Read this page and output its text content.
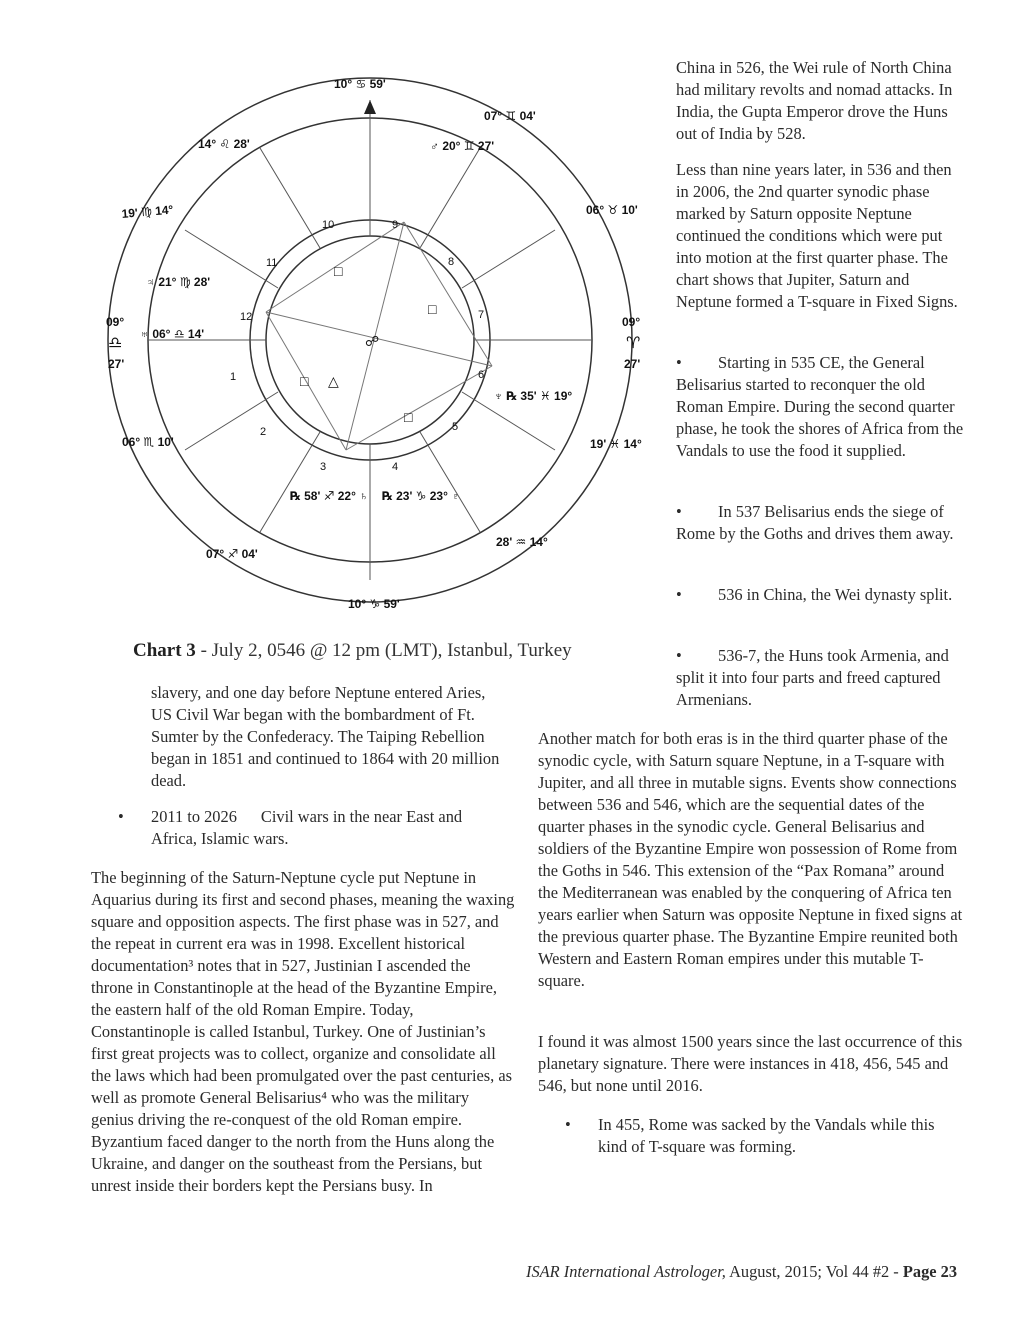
1
2
3	4
5
6
7
8
9
10
11
12
☍
△
□
□
□
□
10° ♋ 59'
10° ♑ 59'
09°
♎
27'
09°
♈
27'
14° ♌ 28'
19' ♍ 14°
06° ♏ 10'
07° ♐ 04'
07° ♊ 04'
06° ♉ 10'
19' ♓ 14°
28' ♒ 14°
♂ 20° ♊ 27'
♃ 21° ♍ 28'
♅ 06° ♎ 14'
♆ ℞ 35' ♓ 19°
℞ 58' ♐ 22° ♄ ℞ 23' ♑ 23° ♇
Chart 3 - July 2, 0546 @ 12 pm (LMT), Istanbul, Turkey

slavery, and one day before Neptune entered Aries, US Civil War began with the bombardment of Ft. Sumter by the Confederacy. The Taiping Rebellion began in 1851 and continued to 1864 with 20 million dead.

•	2011 to 2026 Civil wars in the near East and Africa, Islamic wars.

The beginning of the Saturn-Neptune cycle put Neptune in Aquarius during its first and second phases, meaning the waxing square and opposition aspects. The first phase was in 527, and the repeat in current era was in 1998. Excellent historical documentation³ notes that in 527, Justinian I ascended the throne in Constantinople at the head of the Byzantine Empire, the eastern half of the old Roman Empire. Today, Constantinople is called Istanbul, Turkey. One of Justinian’s first great projects was to collect, organize and consolidate all the laws which had been promulgated over the past centuries, as well as promote General Belisarius⁴ who was the military genius driving the re-conquest of the old Roman empire. Byzantium faced danger to the north from the Huns along the Ukraine, and danger on the southeast from the Persians, but unrest inside their borders kept the Persians busy. In

China in 526, the Wei rule of North China had military revolts and nomad attacks. In India, the Gupta Emperor drove the Huns out of India by 528.

Less than nine years later, in 536 and then in 2006, the 2nd quarter synodic phase marked by Saturn opposite Neptune continued the conditions which were put into motion at the first quarter phase. The chart shows that Jupiter, Saturn and Neptune formed a T-square in Fixed Signs.

•	Starting in 535 CE, the General Belisarius started to reconquer the old Roman Empire. During the second quarter phase, he took the shores of Africa from the Vandals to use the food it supplied.
•	In 537 Belisarius ends the siege of Rome by the Goths and drives them away.
•	536 in China, the Wei dynasty split.
•	536-7, the Huns took Armenia, and split it into four parts and freed captured Armenians.

Another match for both eras is in the third quarter phase of the synodic cycle, with Saturn square Neptune, in a T-square with Jupiter, and all three in mutable signs. Events show connections between 536 and 546, which are the sequential dates of the quarter phases in the synodic cycle. General Belisarius and soldiers of the Byzantine Empire won possession of Rome from the Goths in 546. This extension of the “Pax Romana” around the Mediterranean was enabled by the conquering of Africa ten years earlier when Saturn was opposite Neptune in fixed signs at the previous quarter phase. The Byzantine Empire reunited both Western and Eastern Roman empires under this mutable T-square.

I found it was almost 1500 years since the last occurrence of this planetary signature. There were instances in 418, 456, 545 and 546, but none until 2016.

•	In 455, Rome was sacked by the Vandals while this kind of T-square was forming.
ISAR International Astrologer, August, 2015; Vol 44 #2 - Page 23
